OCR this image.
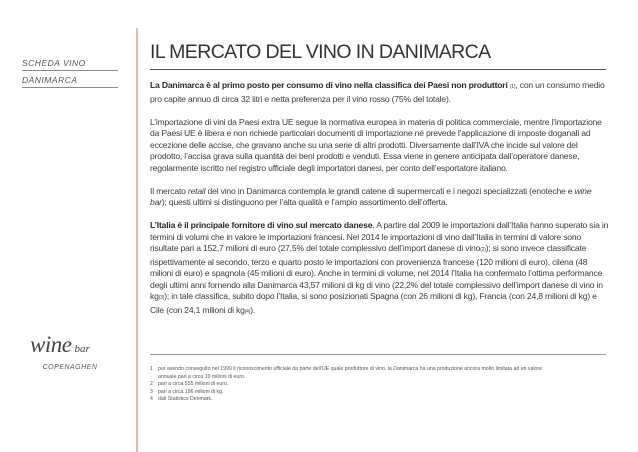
SCHEDA VINO
DANIMARCA
wine bar
COPENAGHEN
IL MERCATO DEL VINO IN DANIMARCA

La Danimarca è al primo posto per consumo di vino nella classifica dei Paesi non produttori (1), con un consumo medio pro capite annuo di circa 32 litri e netta preferenza per il vino rosso (75% del totale).

L’importazione di vini da Paesi extra UE segue la normativa europea in materia di politica commerciale, mentre l’importazione da Paesi UE è libera e non richiede particolari documenti di importazione né prevede l’applicazione di imposte doganali ad eccezione delle accise, che gravano anche su una serie di altri prodotti. Diversamente dall’IVA che incide sul valore del prodotto, l’accisa grava sulla quantità dei beni prodotti e venduti. Essa viene in genere anticipata dall’operatore danese, regolarmente iscritto nel registro ufficiale degli importatori danesi, per conto dell’esportatore italiano.

Il mercato retail del vino in Danimarca contempla le grandi catene di supermercati e i negozi specializzati (enoteche e wine bar); questi ultimi si distinguono per l’alta qualità e l’ampio assortimento dell’offerta.

L’Italia è il principale fornitore di vino sul mercato danese. A partire dal 2009 le importazioni dall’Italia hanno superato sia in termini di volumi che in valore le importazioni francesi. Nel 2014 le importazioni di vino dall’Italia in termini di valore sono risultate pari a 152,7 milioni di euro (27,5% del totale complessivo dell’import danese di vino(2)); si sono invece classificate rispettivamente al secondo, terzo e quarto posto le importazioni con provenienza francese (120 milioni di euro), cilena (48 milioni di euro) e spagnola (45 milioni di euro). Anche in termini di volume, nel 2014 l’Italia ha confermato l’ottima performance degli ultimi anni fornendo alla Danimarca 43,57 milioni di kg di vino (22,2% del totale complessivo dell’import danese di vino in kg(3)); in tale classifica, subito dopo l’Italia, si sono posizionati Spagna (con 26 milioni di kg), Francia (con 24,8 milioni di kg) e Cile (con 24,1 milioni di kg(4)).

1 pur avendo conseguito nel 1999 il riconoscimento ufficiale da parte dell’UE quale produttore di vino, la Danimarca ha una produzione ancora molto limitata ad un valore annuale pari a circa 10 milioni di euro.
2 pari a circa 555 milioni di euro.
3 pari a circa 196 milioni di kg.
4 dati Statistics Denmark.
